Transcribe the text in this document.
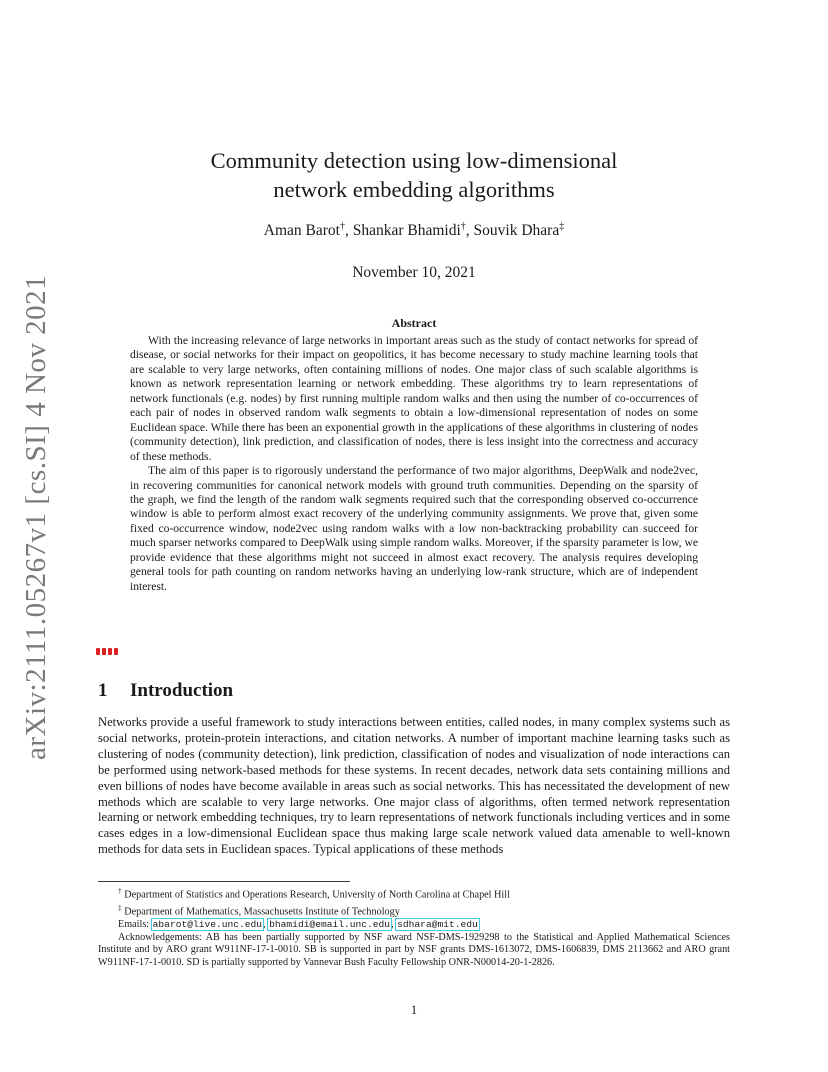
arXiv:2111.05267v1 [cs.SI] 4 Nov 2021
Community detection using low-dimensional
network embedding algorithms
Aman Barot†, Shankar Bhamidi†, Souvik Dhara‡
November 10, 2021
Abstract

With the increasing relevance of large networks in important areas such as the study of contact networks for spread of disease, or social networks for their impact on geopolitics, it has become necessary to study machine learning tools that are scalable to very large networks, often containing millions of nodes. One major class of such scalable algorithms is known as network representation learning or network embedding. These algorithms try to learn representations of network functionals (e.g. nodes) by first running multiple random walks and then using the number of co-occurrences of each pair of nodes in observed random walk segments to obtain a low-dimensional representation of nodes on some Euclidean space. While there has been an exponential growth in the applications of these algorithms in clustering of nodes (community detection), link prediction, and classification of nodes, there is less insight into the correctness and accuracy of these methods.

The aim of this paper is to rigorously understand the performance of two major algorithms, DeepWalk and node2vec, in recovering communities for canonical network models with ground truth communities. Depending on the sparsity of the graph, we find the length of the random walk segments required such that the corresponding observed co-occurrence window is able to perform almost exact recovery of the underlying community assignments. We prove that, given some fixed co-occurrence window, node2vec using random walks with a low non-backtracking probability can succeed for much sparser networks compared to DeepWalk using simple random walks. Moreover, if the sparsity parameter is low, we provide evidence that these algorithms might not succeed in almost exact recovery. The analysis requires developing general tools for path counting on random networks having an underlying low-rank structure, which are of independent interest.

1 Introduction

Networks provide a useful framework to study interactions between entities, called nodes, in many complex systems such as social networks, protein-protein interactions, and citation networks. A number of important machine learning tasks such as clustering of nodes (community detection), link prediction, classification of nodes and visualization of node interactions can be performed using network-based methods for these systems. In recent decades, network data sets containing millions and even billions of nodes have become available in areas such as social networks. This has necessitated the development of new methods which are scalable to very large networks. One major class of algorithms, often termed network representation learning or network embedding techniques, try to learn representations of network functionals including vertices and in some cases edges in a low-dimensional Euclidean space thus making large scale network valued data amenable to well-known methods for data sets in Euclidean spaces. Typical applications of these methods

† Department of Statistics and Operations Research, University of North Carolina at Chapel Hill

‡ Department of Mathematics, Massachusetts Institute of Technology

Emails: abarot@live.unc.edu, bhamidi@email.unc.edu, sdhara@mit.edu

Acknowledgements: AB has been partially supported by NSF award NSF-DMS-1929298 to the Statistical and Applied Mathematical Sciences Institute and by ARO grant W911NF-17-1-0010. SB is supported in part by NSF grants DMS-1613072, DMS-1606839, DMS 2113662 and ARO grant W911NF-17-1-0010. SD is partially supported by Vannevar Bush Faculty Fellowship ONR-N00014-20-1-2826.

1
